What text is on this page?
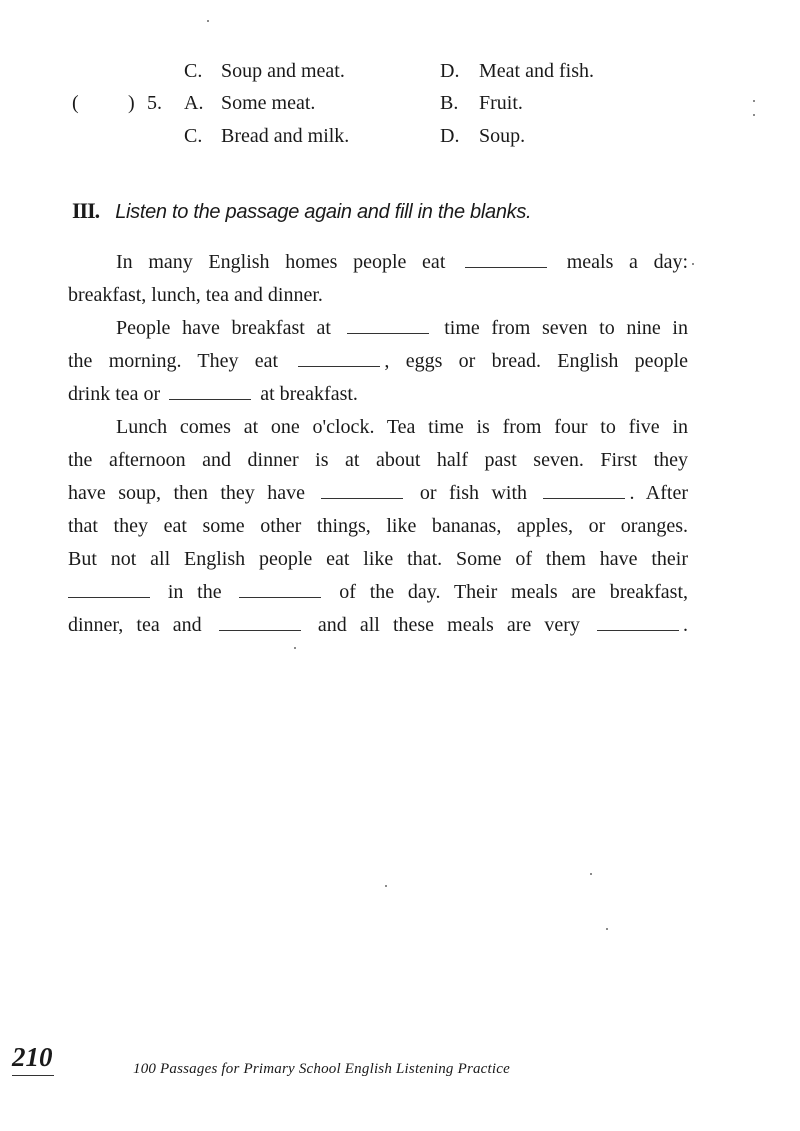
C. Soup and meat.	D. Meat and fish.
( ) 5. A. Some meat.	B. Fruit.
C. Bread and milk.	D. Soup.
III. Listen to the passage again and fill in the blanks.
In many English homes people eat	meals a day:
breakfast, lunch, tea and dinner.
People have breakfast at	time from seven to nine in
the morning. They eat	, eggs or bread. English people
drink tea or	at breakfast.
Lunch comes at one o'clock. Tea time is from four to five in
the afternoon and dinner is at about half past seven. First they
have soup, then they have	or fish with	. After
that they eat some other things, like bananas, apples, or oranges.
But not all English people eat like that. Some of them have their
in the	of the day. Their meals are breakfast,
dinner, tea and	and all these meals are very	.
210	100 Passages for Primary School English Listening Practice
